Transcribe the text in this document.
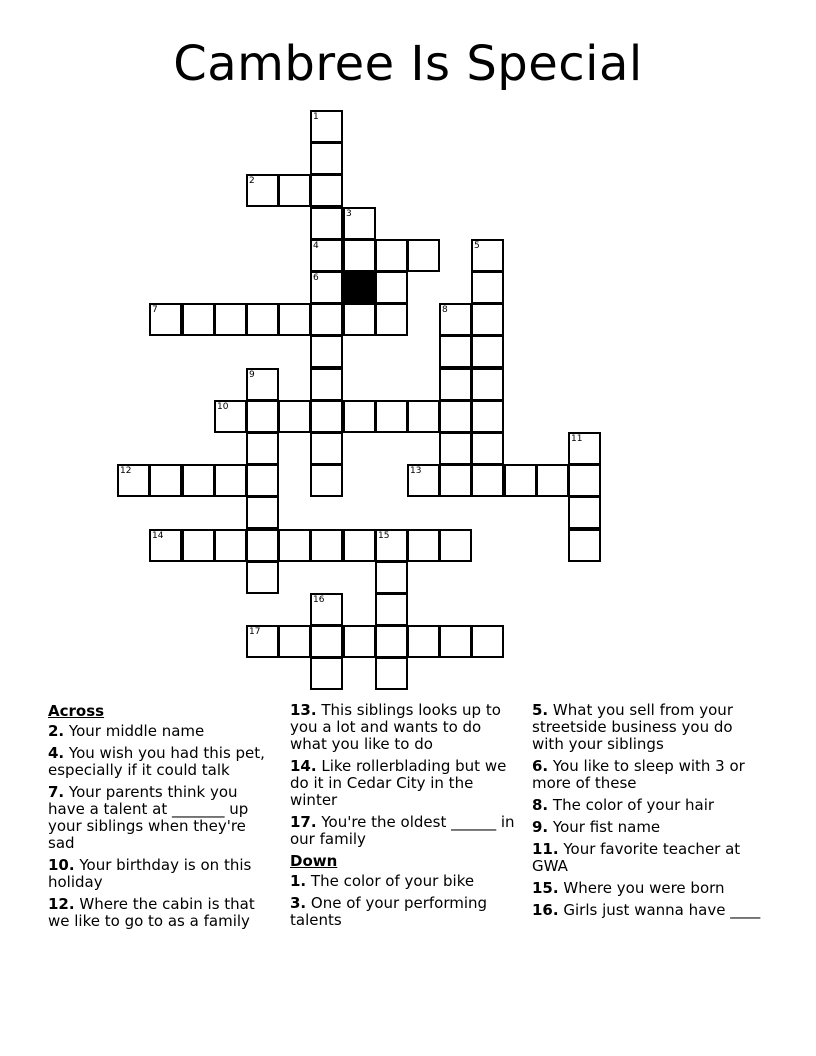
Cambree Is Special
1
2
3
4	5
6
7	8
9
10
11
12	13
14	15
16
17
Across
2. Your middle name
4. You wish you had this pet, especially if it could talk
7. Your parents think you have a talent at _______ up your siblings when they're sad
10. Your birthday is on this holiday
12. Where the cabin is that we like to go to as a family
13. This siblings looks up to you a lot and wants to do what you like to do
14. Like rollerblading but we do it in Cedar City in the winter
17. You're the oldest ______ in our family
Down
1. The color of your bike
3. One of your performing talents
5. What you sell from your streetside business you do with your siblings
6. You like to sleep with 3 or more of these
8. The color of your hair
9. Your fist name
11. Your favorite teacher at GWA
15. Where you were born
16. Girls just wanna have ____
